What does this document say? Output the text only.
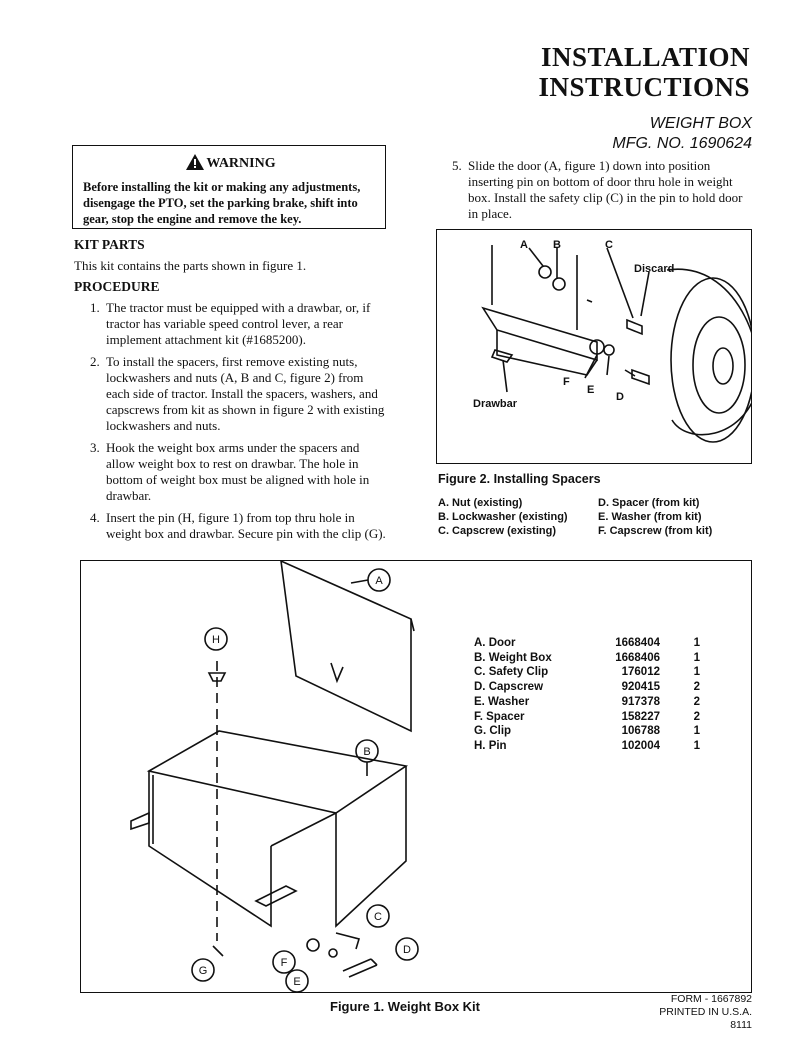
INSTALLATION
INSTRUCTIONS
WEIGHT BOX
MFG. NO. 1690624
WARNING
Before installing the kit or making any adjustments, disengage the PTO, set the parking brake, shift into gear, stop the engine and remove the key.
KIT PARTS
This kit contains the parts shown in figure 1.
PROCEDURE
1. The tractor must be equipped with a drawbar, or, if tractor has variable speed control lever, a rear implement attachment kit (#1685200).
2. To install the spacers, first remove existing nuts, lockwashers and nuts (A, B and C, figure 2) from each side of tractor. Install the spacers, washers, and capscrews from kit as shown in figure 2 with existing lockwashers and nuts.
3. Hook the weight box arms under the spacers and allow weight box to rest on drawbar. The hole in bottom of weight box must be aligned with hole in drawbar.
4. Insert the pin (H, figure 1) from top thru hole in weight box and drawbar. Secure pin with the clip (G).
5. Slide the door (A, figure 1) down into position inserting pin on bottom of door thru hole in weight box. Install the safety clip (C) in the pin to hold door in place.
A B	C
Discard
D
E
F
Drawbar
Figure 2. Installing Spacers
A. Nut (existing)	D. Spacer (from kit)
B. Lockwasher (existing)	E. Washer (from kit)
C. Capscrew (existing)	F. Capscrew (from kit)
A
H
B
C
D
F
E
G
A. Door	1668404	1
B. Weight Box	1668406	1
C. Safety Clip	176012	1
D. Capscrew	920415	2
E. Washer	917378	2
F. Spacer	158227	2
G. Clip	106788	1
H. Pin	102004	1
Figure 1. Weight Box Kit	FORM - 1667892
PRINTED IN U.S.A.
8111
